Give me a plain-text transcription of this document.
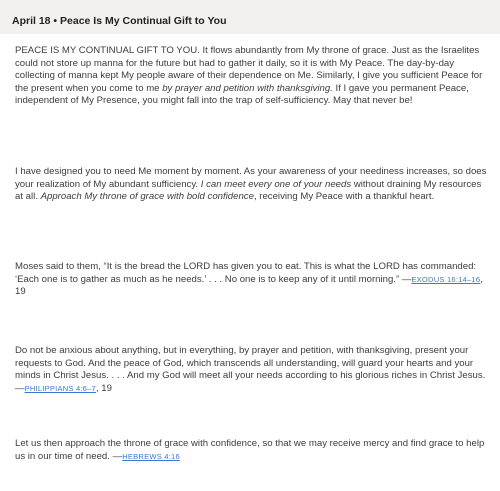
April 18 • Peace Is My Continual Gift to You

PEACE IS MY CONTINUAL GIFT TO YOU. It flows abundantly from My throne of grace. Just as the Israelites could not store up manna for the future but had to gather it daily, so it is with My Peace. The day-by-day collecting of manna kept My people aware of their dependence on Me. Similarly, I give you sufficient Peace for the present when you come to me by prayer and petition with thanksgiving. If I gave you permanent Peace, independent of My Presence, you might fall into the trap of self-sufficiency. May that never be!

I have designed you to need Me moment by moment. As your awareness of your neediness increases, so does your realization of My abundant sufficiency. I can meet every one of your needs without draining My resources at all. Approach My throne of grace with bold confidence, receiving My Peace with a thankful heart.

Moses said to them, “It is the bread the LORD has given you to eat. This is what the LORD has commanded: ‘Each one is to gather as much as he needs.’ . . . No one is to keep any of it until morning.” —EXODUS 16:14–16, 19

Do not be anxious about anything, but in everything, by prayer and petition, with thanksgiving, present your requests to God. And the peace of God, which transcends all understanding, will guard your hearts and your minds in Christ Jesus. . . . And my God will meet all your needs according to his glorious riches in Christ Jesus. —PHILIPPIANS 4:6–7, 19

Let us then approach the throne of grace with confidence, so that we may receive mercy and find grace to help us in our time of need. —HEBREWS 4:16
